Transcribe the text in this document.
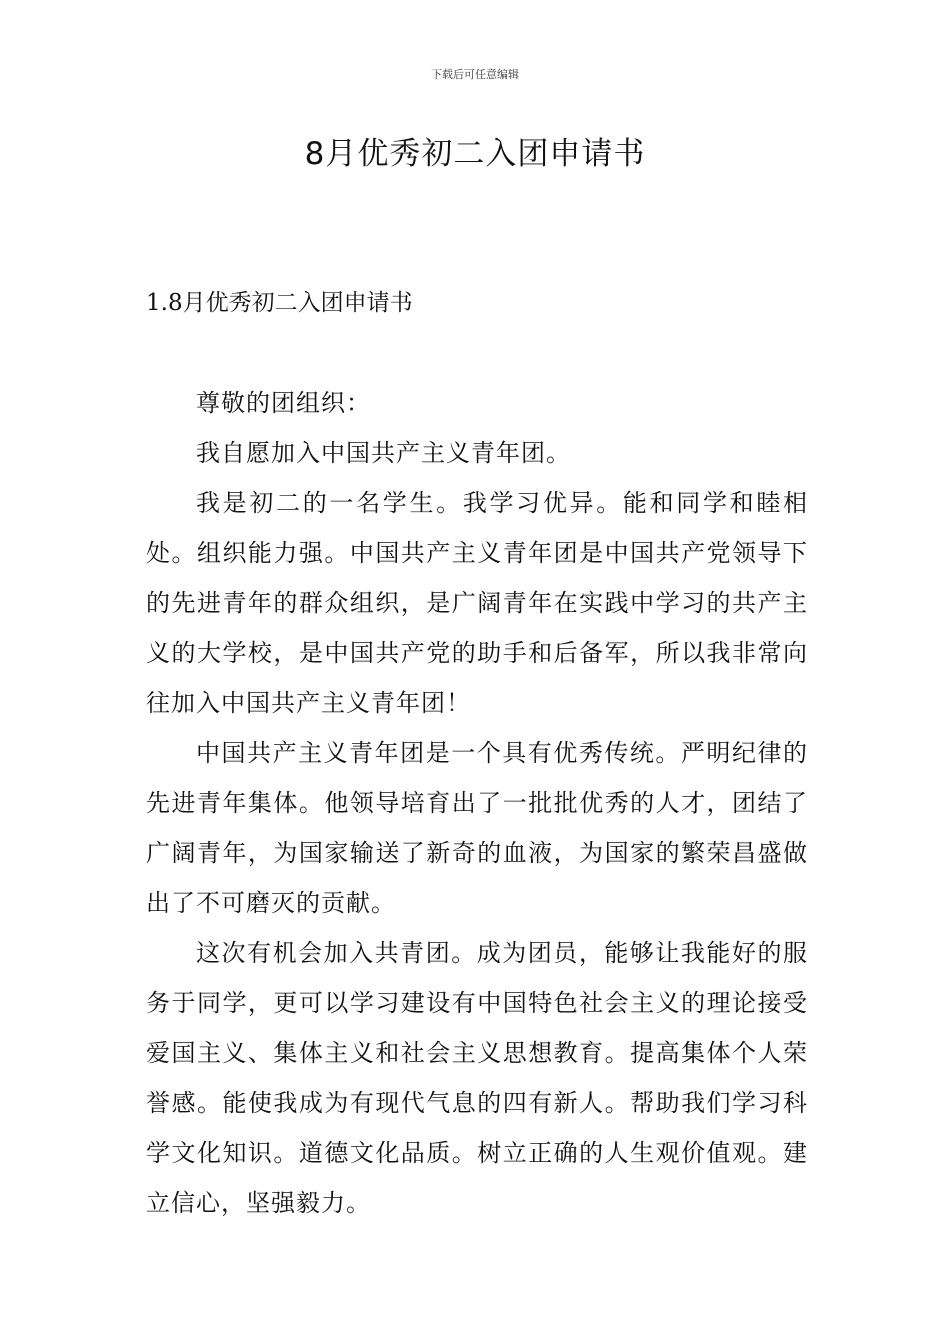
下载后可任意编辑
8月优秀初二入团申请书
1.8月优秀初二入团申请书

尊敬的团组织：

我自愿加入中国共产主义青年团。

我是初二的一名学生。我学习优异。能和同学和睦相处。组织能力强。中国共产主义青年团是中国共产党领导下的先进青年的群众组织，是广阔青年在实践中学习的共产主义的大学校，是中国共产党的助手和后备军，所以我非常向往加入中国共产主义青年团！

中国共产主义青年团是一个具有优秀传统。严明纪律的先进青年集体。他领导培育出了一批批优秀的人才，团结了广阔青年，为国家输送了新奇的血液，为国家的繁荣昌盛做出了不可磨灭的贡献。

这次有机会加入共青团。成为团员，能够让我能好的服务于同学，更可以学习建设有中国特色社会主义的理论接受爱国主义、集体主义和社会主义思想教育。提高集体个人荣誉感。能使我成为有现代气息的四有新人。帮助我们学习科学文化知识。道德文化品质。树立正确的人生观价值观。建立信心，坚强毅力。
